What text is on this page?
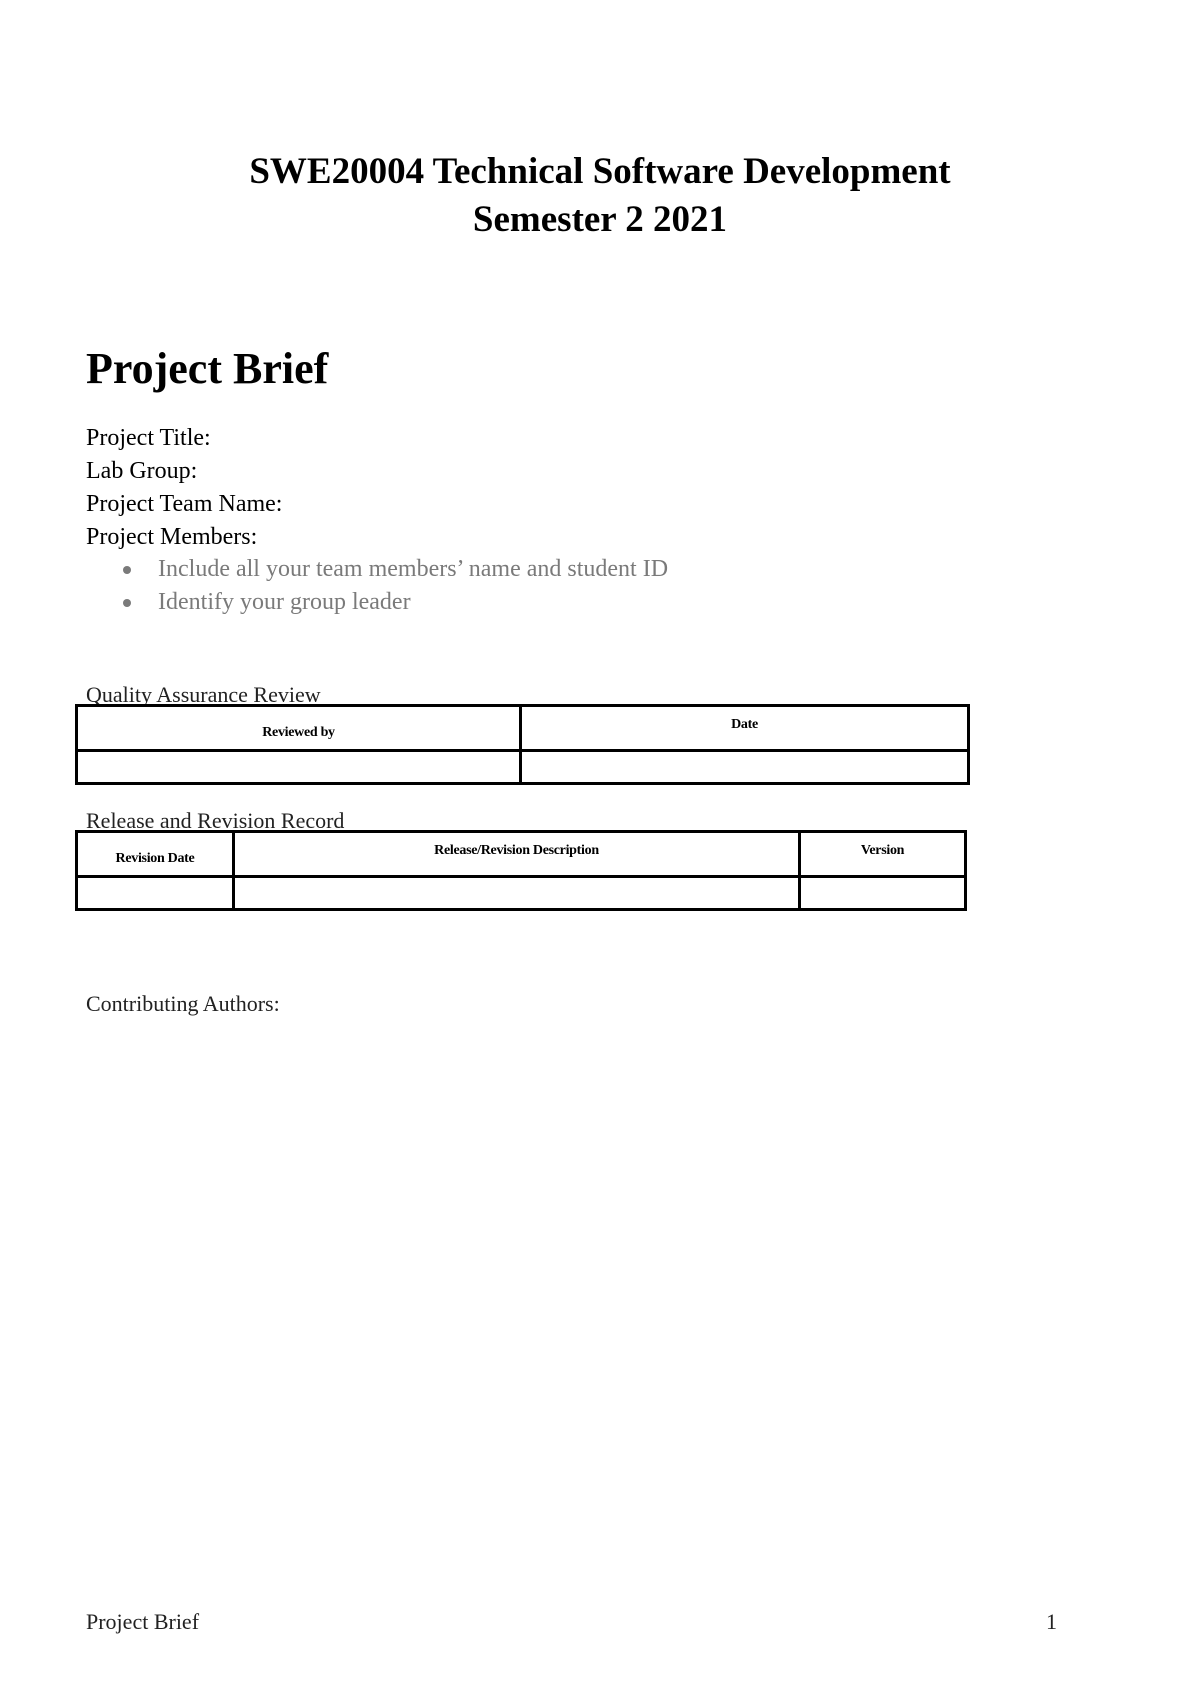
SWE20004 Technical Software Development
Semester 2 2021
Project Brief
Project Title:
Lab Group:
Project Team Name:
Project Members:
Include all your team members’ name and student ID
Identify your group leader
Quality Assurance Review
Reviewed by	Date

Release and Revision Record
Revision Date	Release/Revision Description	Version

Contributing Authors:
Project Brief	1
